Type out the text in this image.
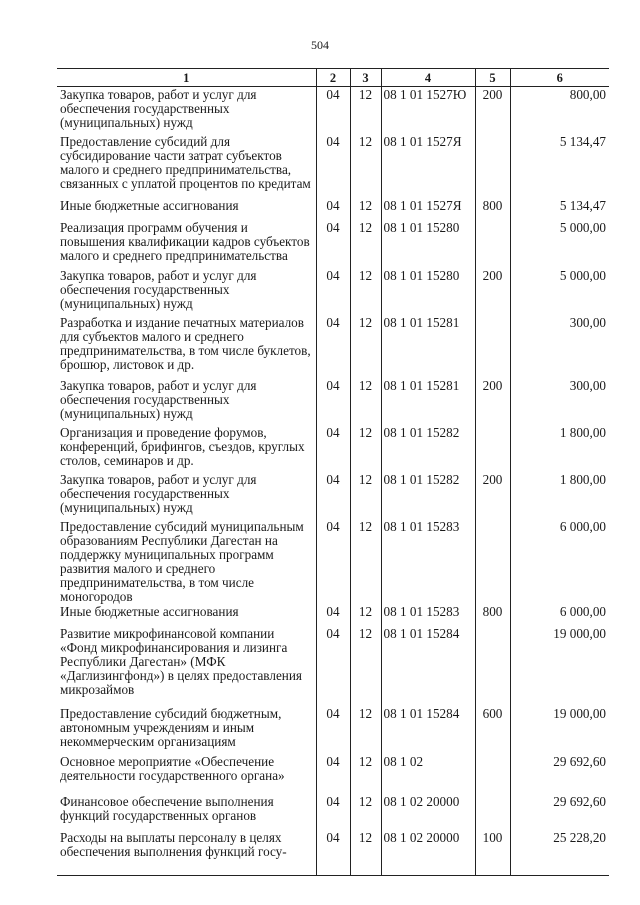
504
1	2	3	4	5	6
Закупка товаров, работ и услуг для обеспечения государственных (муниципальных) нужд	04	12	08 1 01 1527Ю	200	800,00
Предоставление субсидий для субсидирование части затрат субъектов малого и среднего предпринимательства, связанных с уплатой процентов по кредитам	04	12	08 1 01 1527Я		5 134,47
Иные бюджетные ассигнования	04	12	08 1 01 1527Я	800	5 134,47
Реализация программ обучения и повышения квалификации кадров субъектов малого и среднего предпринимательства	04	12	08 1 01 15280		5 000,00
Закупка товаров, работ и услуг для обеспечения государственных (муниципальных) нужд	04	12	08 1 01 15280	200	5 000,00
Разработка и издание печатных материалов для субъектов малого и среднего предпринимательства, в том числе буклетов, брошюр, листовок и др.	04	12	08 1 01 15281		300,00
Закупка товаров, работ и услуг для обеспечения государственных (муниципальных) нужд	04	12	08 1 01 15281	200	300,00
Организация и проведение форумов, конференций, брифингов, съездов, круглых столов, семинаров и др.	04	12	08 1 01 15282		1 800,00
Закупка товаров, работ и услуг для обеспечения государственных (муниципальных) нужд	04	12	08 1 01 15282	200	1 800,00
Предоставление субсидий муниципальным образованиям Республики Дагестан на поддержку муниципальных программ развития малого и среднего предпринимательства, в том числе моногородов	04	12	08 1 01 15283		6 000,00
Иные бюджетные ассигнования	04	12	08 1 01 15283	800	6 000,00
Развитие микрофинансовой компании «Фонд микрофинансирования и лизинга Республики Дагестан» (МФК «Даглизингфонд») в целях предоставления микрозаймов	04	12	08 1 01 15284		19 000,00
Предоставление субсидий бюджетным, автономным учреждениям и иным некоммерческим организациям	04	12	08 1 01 15284	600	19 000,00
Основное мероприятие «Обеспечение деятельности государственного органа»	04	12	08 1 02		29 692,60
Финансовое обеспечение выполнения функций государственных органов	04	12	08 1 02 20000		29 692,60
Расходы на выплаты персоналу в целях обеспечения выполнения функций госу-	04	12	08 1 02 20000	100	25 228,20
